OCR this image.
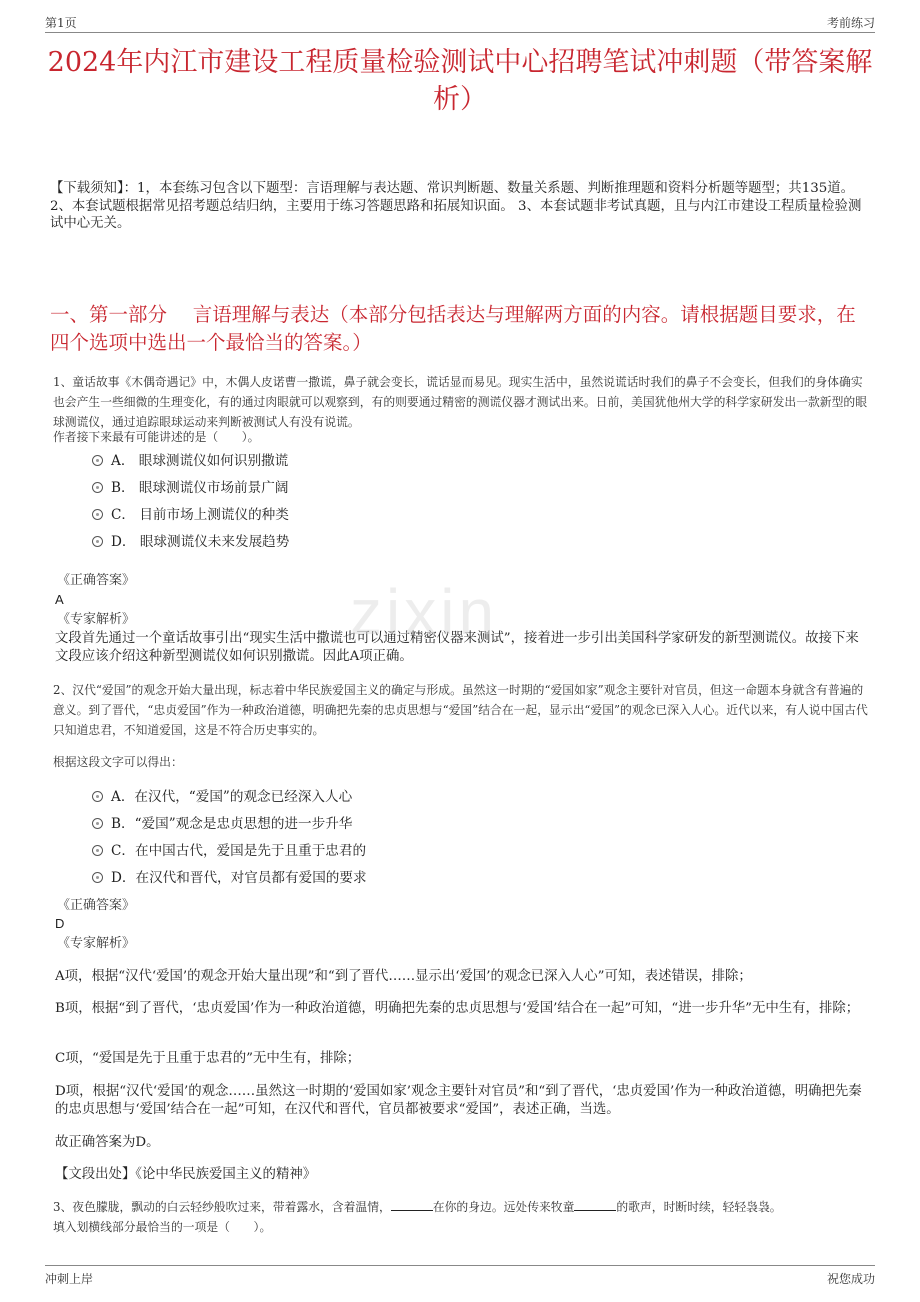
第1页	考前练习
2024年内江市建设工程质量检验测试中心招聘笔试冲刺题（带答案解析）
【下载须知】：1，本套练习包含以下题型：言语理解与表达题、常识判断题、数量关系题、判断推理题和资料分析题等题型；共135道。 2、本套试题根据常见招考题总结归纳，主要用于练习答题思路和拓展知识面。 3、本套试题非考试真题，且与内江市建设工程质量检验测试中心无关。
一、第一部分　 言语理解与表达（本部分包括表达与理解两方面的内容。请根据题目要求，在四个选项中选出一个最恰当的答案。）
1、童话故事《木偶奇遇记》中，木偶人皮诺曹一撒谎，鼻子就会变长，谎话显而易见。现实生活中，虽然说谎话时我们的鼻子不会变长，但我们的身体确实也会产生一些细微的生理变化，有的通过肉眼就可以观察到，有的则要通过精密的测谎仪器才测试出来。日前，美国犹他州大学的科学家研发出一款新型的眼球测谎仪，通过追踪眼球运动来判断被测试人有没有说谎。
作者接下来最有可能讲述的是（　　）。
A． 眼球测谎仪如何识别撒谎
B． 眼球测谎仪市场前景广阔
C． 目前市场上测谎仪的种类
D． 眼球测谎仪未来发展趋势
《正确答案》
A
《专家解析》
文段首先通过一个童话故事引出“现实生活中撒谎也可以通过精密仪器来测试”，接着进一步引出美国科学家研发的新型测谎仪。故接下来文段应该介绍这种新型测谎仪如何识别撒谎。因此A项正确。
2、汉代“爱国”的观念开始大量出现，标志着中华民族爱国主义的确定与形成。虽然这一时期的“爱国如家”观念主要针对官员，但这一命题本身就含有普遍的意义。到了晋代，“忠贞爱国”作为一种政治道德，明确把先秦的忠贞思想与“爱国”结合在一起，显示出“爱国”的观念已深入人心。近代以来，有人说中国古代只知道忠君，不知道爱国，这是不符合历史事实的。
根据这段文字可以得出：
A．在汉代，“爱国”的观念已经深入人心
B．“爱国”观念是忠贞思想的进一步升华
C．在中国古代，爱国是先于且重于忠君的
D．在汉代和晋代，对官员都有爱国的要求
《正确答案》
D
《专家解析》
A项，根据“汉代‘爱国’的观念开始大量出现”和“到了晋代……显示出‘爱国’的观念已深入人心”可知，表述错误，排除；
B项，根据“到了晋代，‘忠贞爱国’作为一种政治道德，明确把先秦的忠贞思想与‘爱国’结合在一起”可知，“进一步升华”无中生有，排除；
C项，“爱国是先于且重于忠君的”无中生有，排除；
D项，根据“汉代‘爱国’的观念……虽然这一时期的‘爱国如家’观念主要针对官员”和“到了晋代，‘忠贞爱国’作为一种政治道德，明确把先秦的忠贞思想与‘爱国’结合在一起”可知，在汉代和晋代，官员都被要求“爱国”，表述正确，当选。
故正确答案为D。
【文段出处】《论中华民族爱国主义的精神》
3、夜色朦胧，飘动的白云轻纱般吹过来，带着露水，含着温情，	在你的身边。远处传来牧童	的歌声，时断时续，轻轻袅袅。
填入划横线部分最恰当的一项是（　　）。
zixin
冲刺上岸	祝您成功
